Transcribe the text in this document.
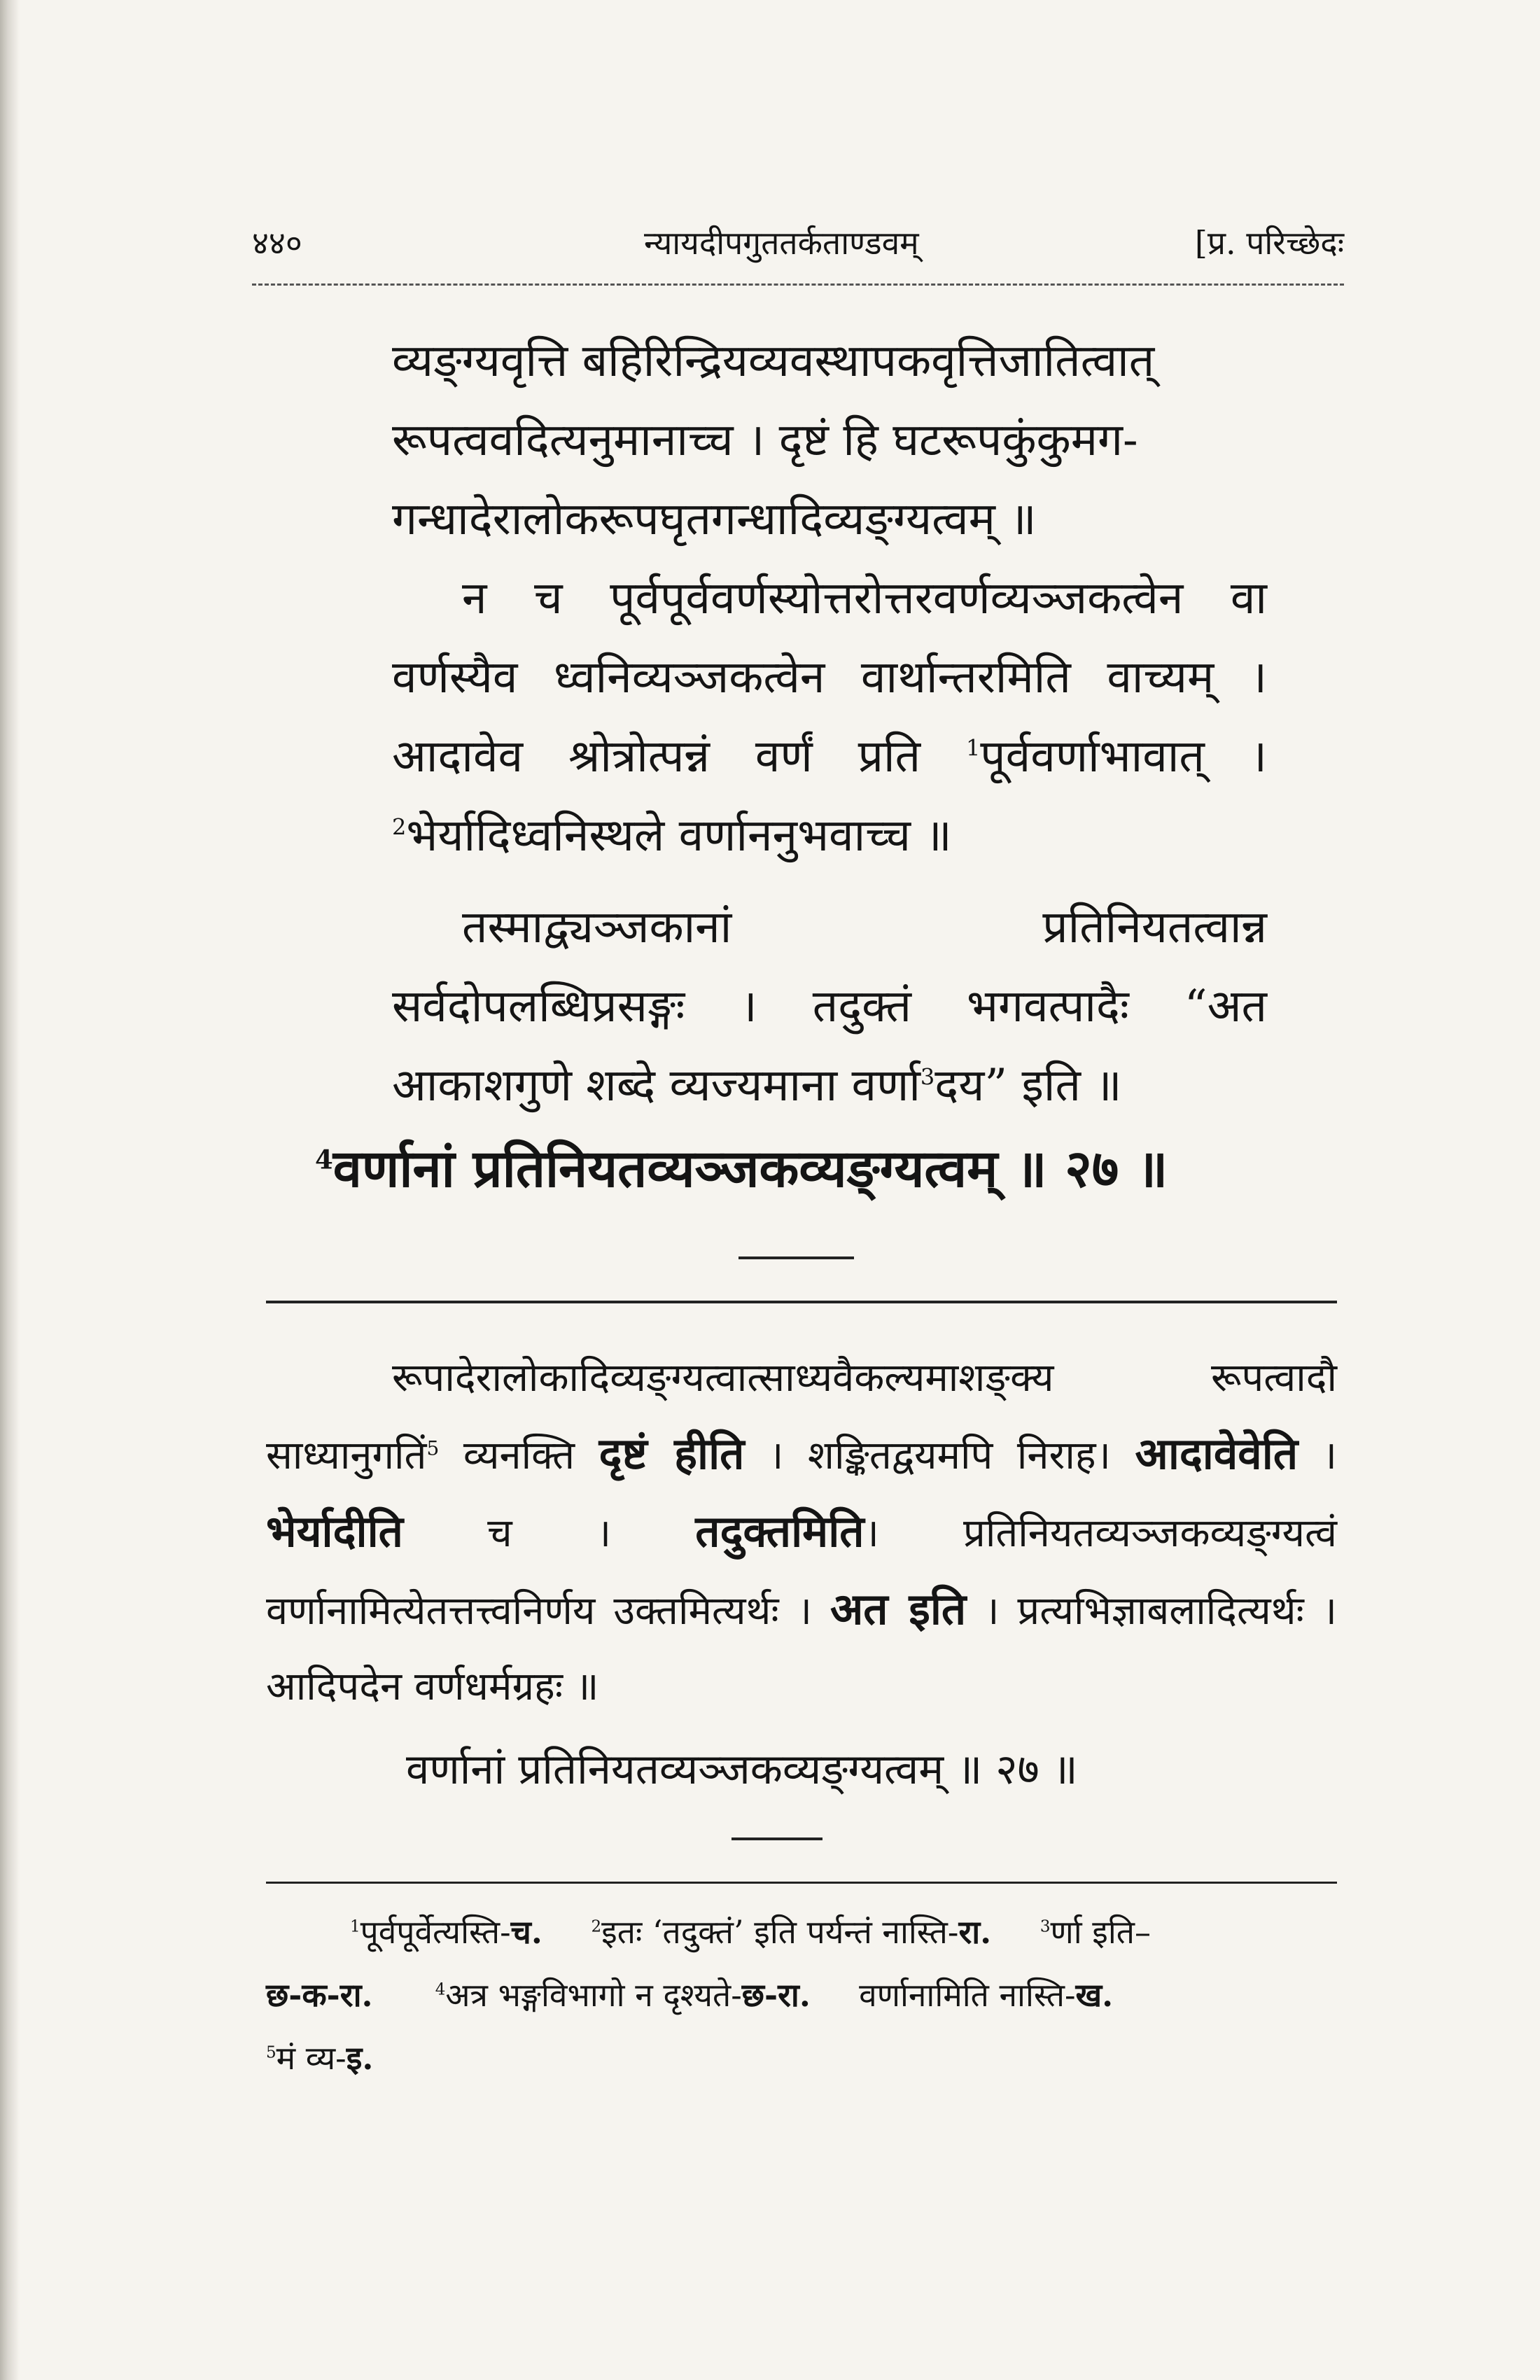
४४०	न्यायदीपगुततर्कताण्डवम्	[प्र. परिच्छेदः

व्यङ्ग्यवृत्ति बहिरिन्द्रियव्यवस्थापकवृत्तिजातित्वात्

रूपत्ववदित्यनुमानाच्च । दृष्टं हि घटरूपकुंकुमग-

गन्धादेरालोकरूपघृतगन्धादिव्यङ्ग्यत्वम् ॥

न च पूर्वपूर्ववर्णस्योत्तरोत्तरवर्णव्यञ्जकत्वेन वा वर्णस्यैव ध्वनिव्यञ्जकत्वेन वार्थान्तरमिति वाच्यम् । आदावेव श्रोत्रोत्पन्नं वर्णं प्रति $^1$पूर्ववर्णाभावात् । $^2$भेर्यादिध्वनिस्थले वर्णाननुभवाच्च ॥

तस्माद्व्यञ्जकानां प्रतिनियतत्वान्न सर्वदोपलब्धिप्रसङ्गः । तदुक्तं भगवत्पादैः “अत आकाशगुणे शब्दे व्यज्यमाना वर्णा$^3$दय” इति ॥

$^4$वर्णानां प्रतिनियतव्यञ्जकव्यङ्ग्यत्वम् ॥ २७ ॥

रूपादेरालोकादिव्यङ्ग्यत्वात्साध्यवैकल्यमाशङ्क्य रूपत्वादौ साध्यानुगतिं$^5$ व्यनक्ति दृष्टं हीति । शङ्कितद्वयमपि निराह। आदावेवेति । भेर्यादीति च । तदुक्तमिति। प्रतिनियतव्यञ्जकव्यङ्ग्यत्वं वर्णानामित्येतत्तत्त्वनिर्णय उक्तमित्यर्थः । अत इति । प्रत्यभिज्ञाबलादित्यर्थः । आदिपदेन वर्णधर्मग्रहः ॥

वर्णानां प्रतिनियतव्यञ्जकव्यङ्ग्यत्वम् ॥ २७ ॥

$^1$पूर्वपूर्वेत्यस्ति-च.	$^2$इतः ‘तदुक्तं’ इति पर्यन्तं नास्ति-रा.	$^3$र्णा इति–

छ-क-रा.	$^4$अत्र भङ्गविभागो न दृश्यते-छ-रा. वर्णानामिति नास्ति-ख.

$^5$मं व्य-इ.
